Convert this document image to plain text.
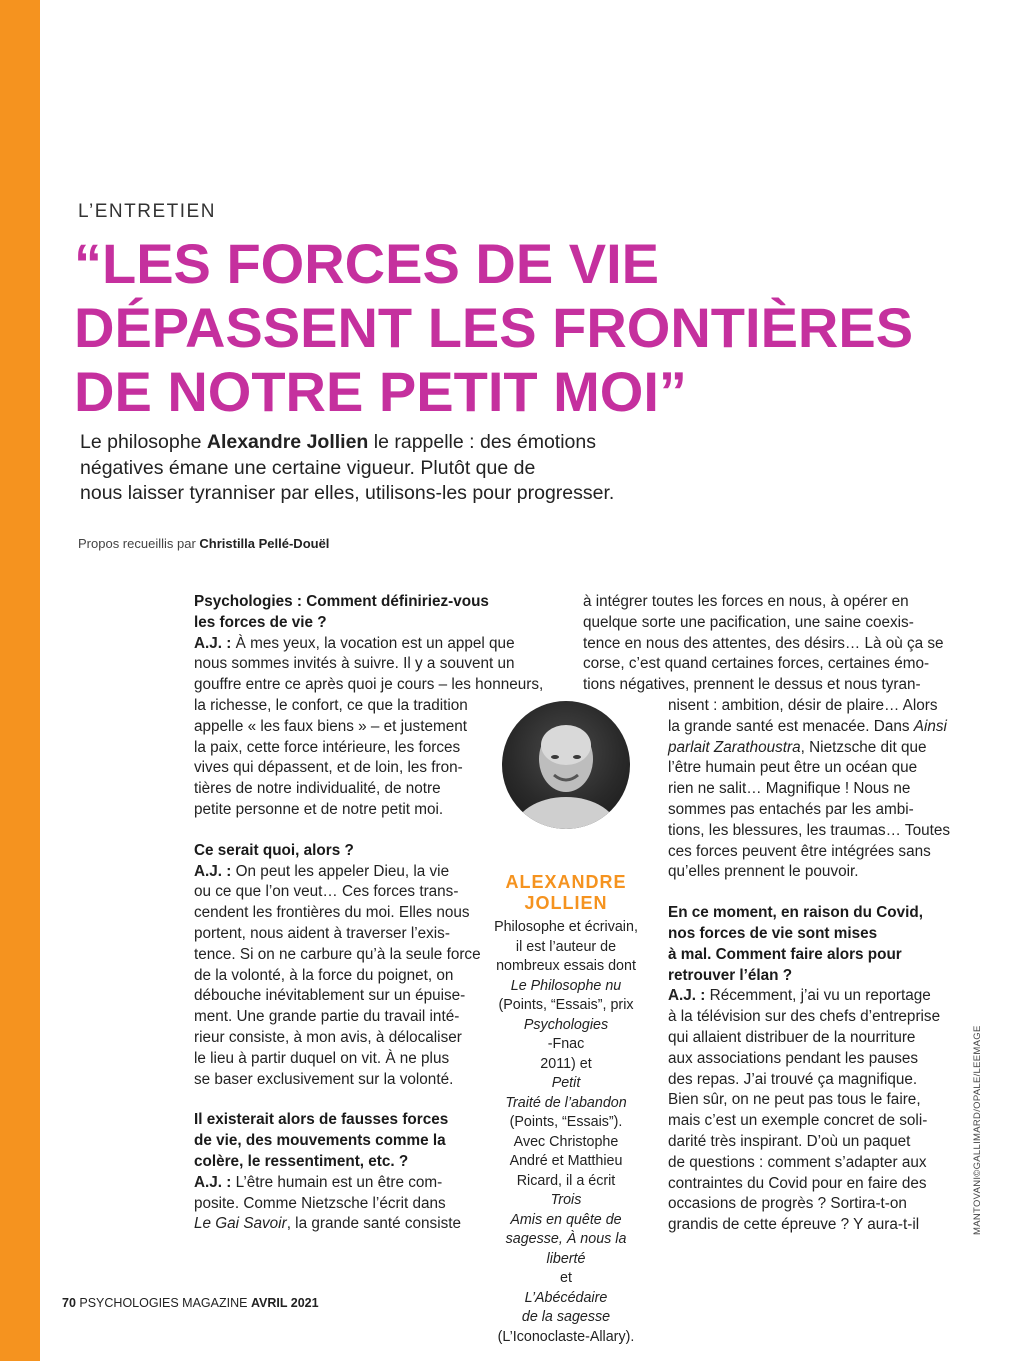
L’ENTRETIEN
“LES FORCES DE VIE
DÉPASSENT LES FRONTIÈRES
DE NOTRE PETIT MOI”

Le philosophe Alexandre Jollien le rappelle : des émotions
négatives émane une certaine vigueur. Plutôt que de
nous laisser tyranniser par elles, utilisons-les pour progresser.

Propos recueillis par Christilla Pellé-Douël

Psychologies : Comment définiriez-vous
les forces de vie ?

A.J. : À mes yeux, la vocation est un appel que
nous sommes invités à suivre. Il y a souvent un
gouffre entre ce après quoi je cours – les honneurs,
la richesse, le confort, ce que la tradition
appelle « les faux biens » – et justement
la paix, cette force intérieure, les forces
vives qui dépassent, et de loin, les fron-
tières de notre individualité, de notre
petite personne et de notre petit moi.

Ce serait quoi, alors ?

A.J. : On peut les appeler Dieu, la vie
ou ce que l’on veut… Ces forces trans-
cendent les frontières du moi. Elles nous
portent, nous aident à traverser l’exis-
tence. Si on ne carbure qu’à la seule force
de la volonté, à la force du poignet, on
débouche inévitablement sur un épuise-
ment. Une grande partie du travail inté-
rieur consiste, à mon avis, à délocaliser
le lieu à partir duquel on vit. À ne plus
se baser exclusivement sur la volonté.

Il existerait alors de fausses forces
de vie, des mouvements comme la
colère, le ressentiment, etc. ?

A.J. : L’être humain est un être com-
posite. Comme Nietzsche l’écrit dans
Le Gai Savoir, la grande santé consiste

ALEXANDRE
JOLLIEN
Philosophe et écrivain,
il est l’auteur de
nombreux essais dont
Le Philosophe nu
(Points, “Essais”, prix
Psychologies
-Fnac
2011) et
Petit
Traité de l’abandon
(Points, “Essais”).
Avec Christophe
André et Matthieu
Ricard, il a écrit
Trois
Amis en quête de
sagesse, À nous la
liberté
et
L’Abécédaire
de la sagesse
(L’Iconoclaste-Allary).
à intégrer toutes les forces en nous, à opérer en
quelque sorte une pacification, une saine coexis-
tence en nous des attentes, des désirs… Là où ça se
corse, c’est quand certaines forces, certaines émo-
tions négatives, prennent le dessus et nous tyran-
nisent : ambition, désir de plaire… Alors
la grande santé est menacée. Dans Ainsi
parlait Zarathoustra, Nietzsche dit que
l’être humain peut être un océan que
rien ne salit… Magnifique ! Nous ne
sommes pas entachés par les ambi-
tions, les blessures, les traumas… Toutes
ces forces peuvent être intégrées sans
qu’elles prennent le pouvoir.

En ce moment, en raison du Covid,
nos forces de vie sont mises
à mal. Comment faire alors pour
retrouver l’élan ?

A.J. : Récemment, j’ai vu un reportage
à la télévision sur des chefs d’entreprise
qui allaient distribuer de la nourriture
aux associations pendant les pauses
des repas. J’ai trouvé ça magnifique.
Bien sûr, on ne peut pas tous le faire,
mais c’est un exemple concret de soli-
darité très inspirant. D’où un paquet
de questions : comment s’adapter aux
contraintes du Covid pour en faire des
occasions de progrès ? Sortira-t-on
grandis de cette épreuve ? Y aura-t-il	MANTOVANI©GALLIMARD/OPALE/LEEMAGE
70 PSYCHOLOGIES MAGAZINE AVRIL 2021
